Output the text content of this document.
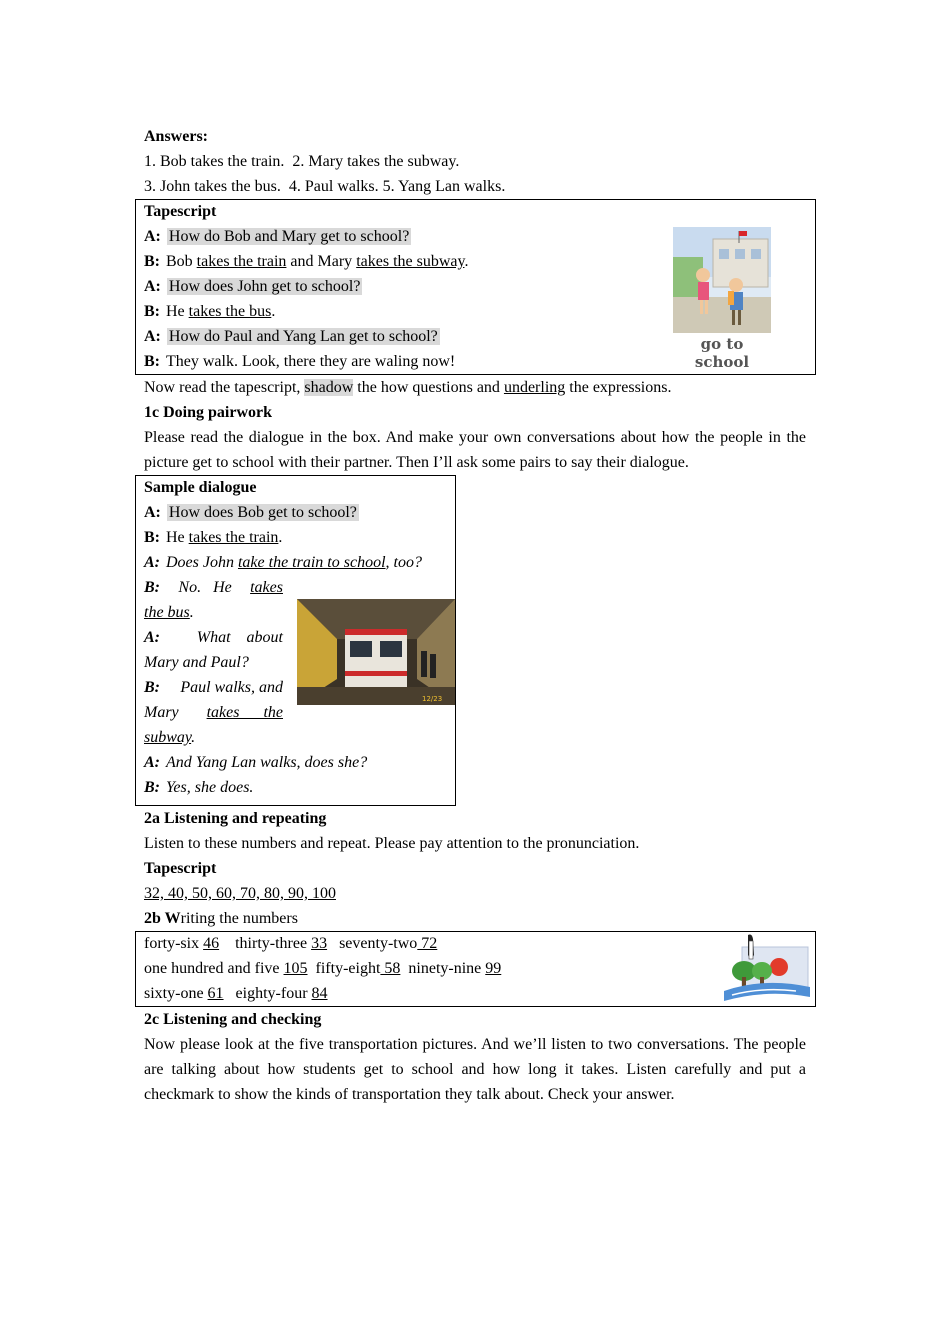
Answers:
1. Bob takes the train.  2. Mary takes the subway.
3. John takes the bus.  4. Paul walks. 5. Yang Lan walks.
Tapescript
A: How do Bob and Mary get to school?
B: Bob takes the train and Mary takes the subway.
A: How does John get to school?
B: He takes the bus.
A: How do Paul and Yang Lan get to school?
B: They walk. Look, there they are waling now!
go to school
Now read the tapescript, shadow the how questions and underling the expressions.
1c Doing pairwork
Please read the dialogue in the box. And make your own conversations about how the people in the picture get to school with their partner. Then I’ll ask some pairs to say their dialogue.
Sample dialogue
A: How does Bob get to school?
B: He takes the train.
A: Does John take the train to school, too?
B: No.   He takes
the bus.
A: What    about
Mary and Paul?
B: Paul walks, and
Mary takes      the
subway.
A: And Yang Lan walks, does she?
B: Yes, she does.
12/23
2a Listening and repeating
Listen to these numbers and repeat. Please pay attention to the pronunciation.
Tapescript
32, 40, 50, 60, 70, 80, 90, 100
2b Writing the numbers
forty-six 46 thirty-three 33 seventy-two 72
one hundred and five 105 fifty-eight 58 ninety-nine 99
sixty-one 61 eighty-four 84
2c Listening and checking
Now please look at the five transportation pictures. And we’ll listen to two conversations. The people are talking about how students get to school and how long it takes. Listen carefully and put a checkmark to show the kinds of transportation they talk about. Check your answer.
